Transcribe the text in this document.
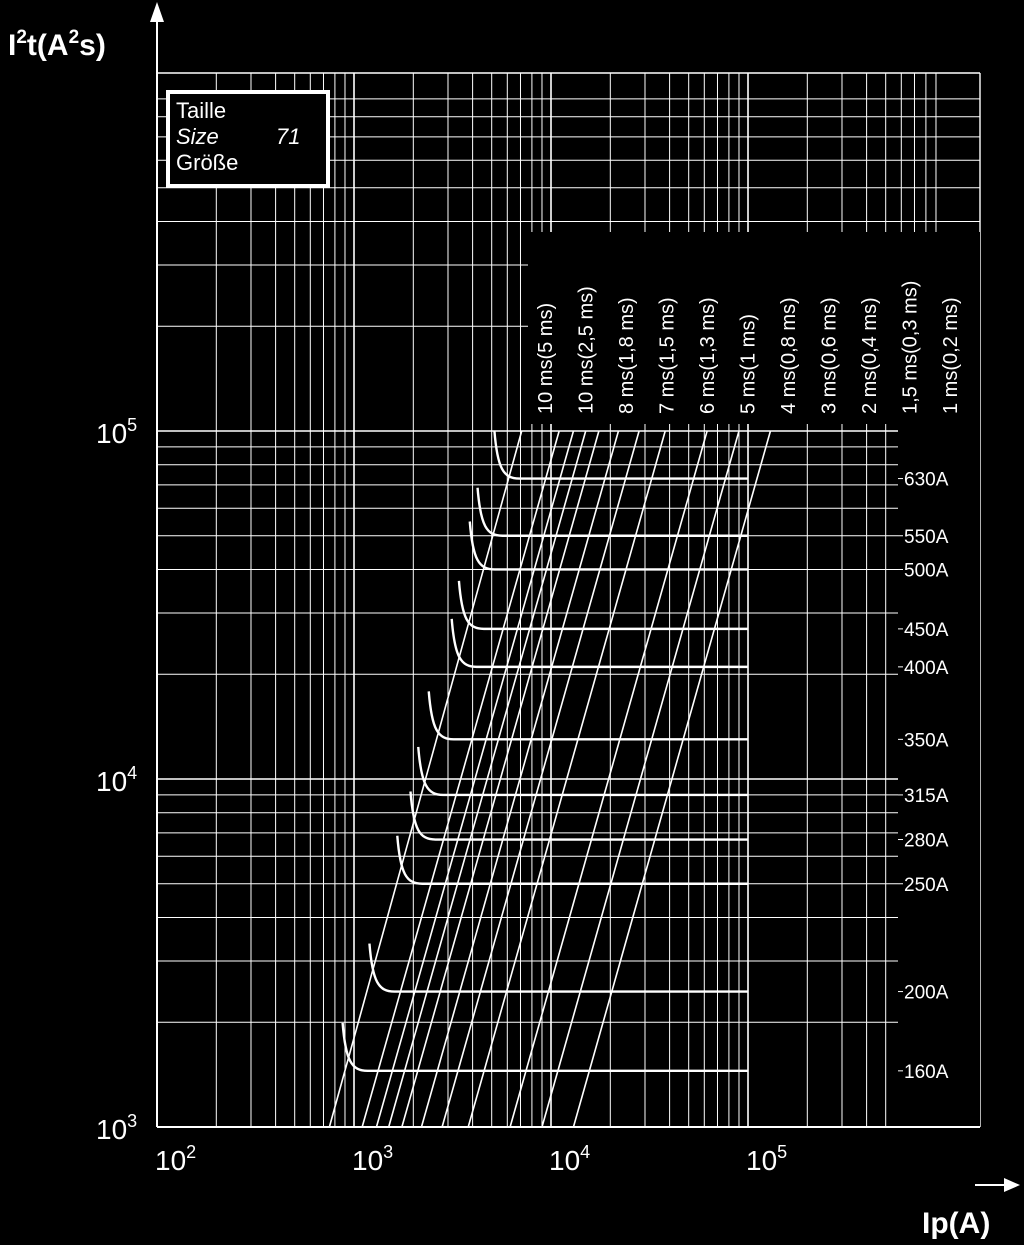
160A
200A
250A
280A
315A
350A
400A
450A
500A
550A
630A
10 ms(5 ms) 10 ms(2,5 ms) 8 ms(1,8 ms) 7 ms(1,5 ms) 6 ms(1,3 ms) 5 ms(1 ms) 4 ms(0,8 ms) 3 ms(0,6 ms) 2 ms(0,4 ms) 1,5 ms(0,3 ms) 1 ms(0,2 ms)
$I^2t(A^2s)$
Ip(A)
$10^2$	$10^3$	$10^4$	$10^5$
$10^3$
$10^4$
$10^5$
Taille
Size	71
Größe
